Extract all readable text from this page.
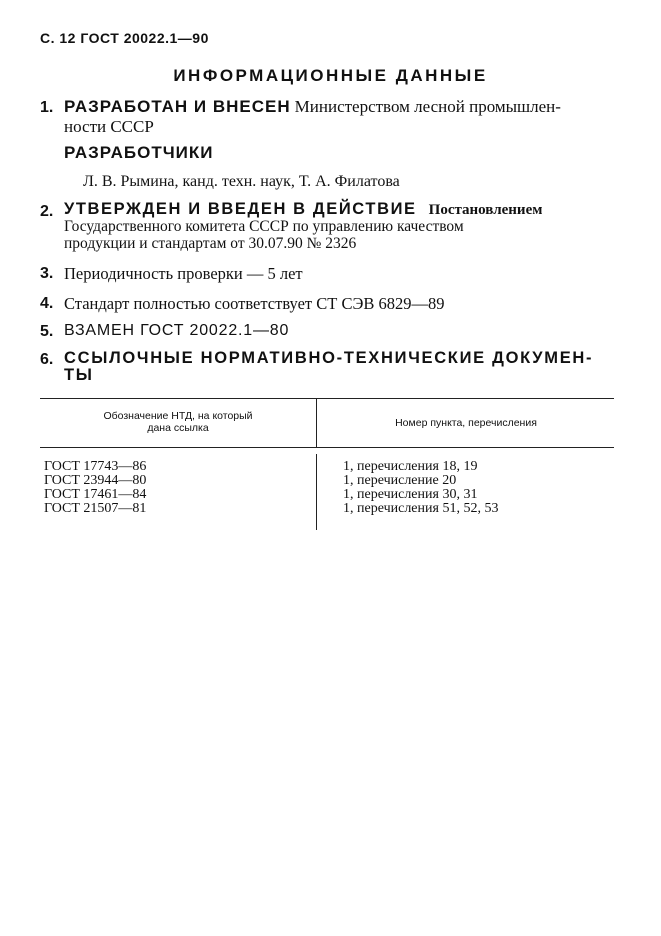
С. 12 ГОСТ 20022.1—90
ИНФОРМАЦИОННЫЕ ДАННЫЕ
1. РАЗРАБОТАН И ВНЕСЕН Министерством лесной промышлен-
ности СССР
РАЗРАБОТЧИКИ
Л. В. Рымина, канд. техн. наук, Т. А. Филатова
2. УТВЕРЖДЕН И ВВЕДЕН В ДЕЙСТВИЕ Постановлением
Государственного комитета СССР по управлению качеством
продукции и стандартам от 30.07.90 № 2326
3. Периодичность проверки — 5 лет
4. Стандарт полностью соответствует СТ СЭВ 6829—89
5. ВЗАМЕН ГОСТ 20022.1—80
6. ССЫЛОЧНЫЕ НОРМАТИВНО-ТЕХНИЧЕСКИЕ ДОКУМЕН-
ТЫ
Обозначение НТД, на который
дана ссылка	Номер пункта, перечисления
ГОСТ 17743—86	1, перечисления 18, 19
ГОСТ 23944—80	1, перечисление 20
ГОСТ 17461—84	1, перечисления 30, 31
ГОСТ 21507—81	1, перечисления 51, 52, 53
